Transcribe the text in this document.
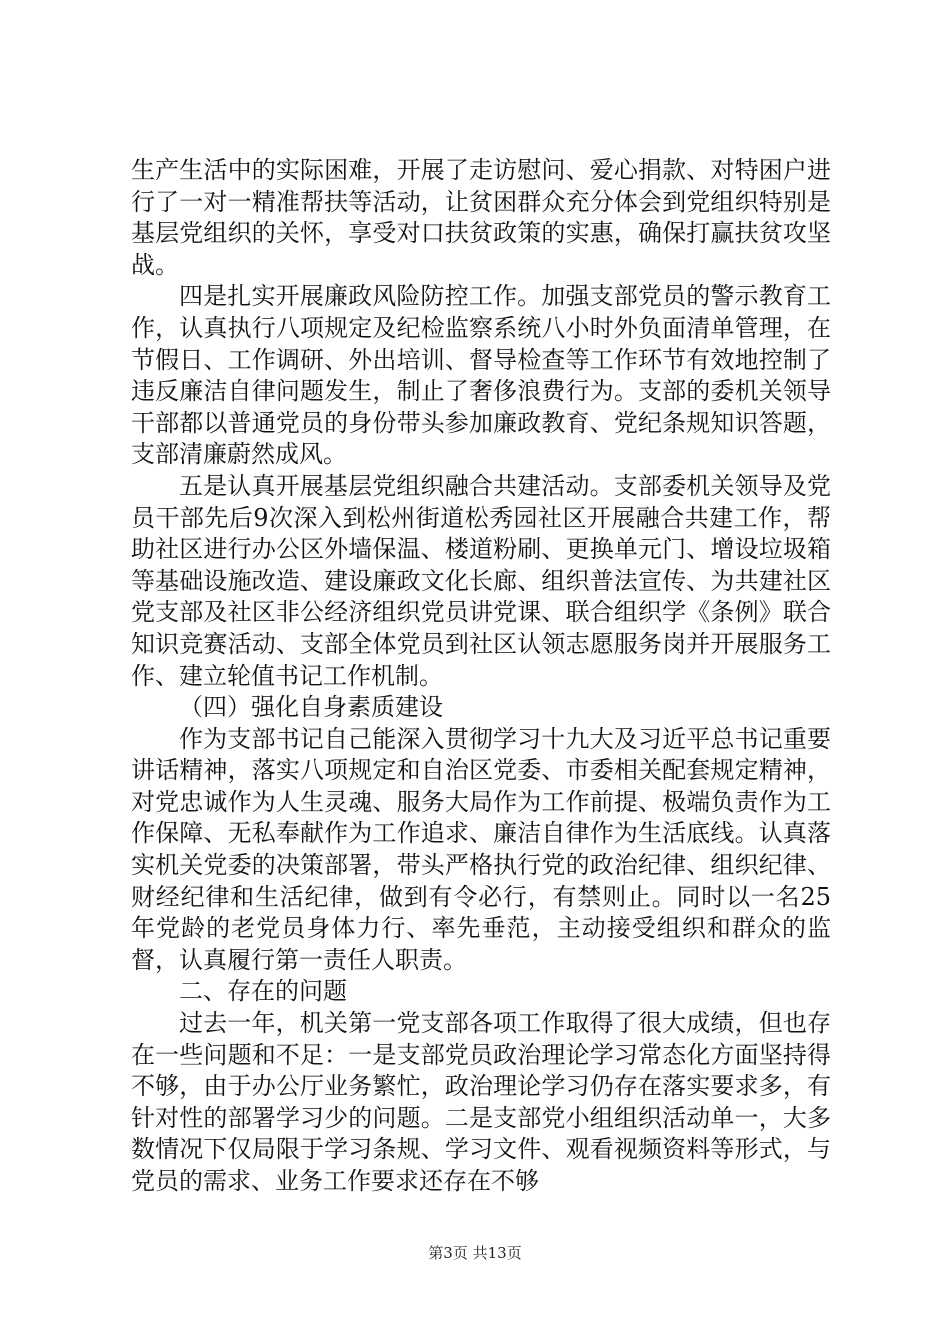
生产生活中的实际困难，开展了走访慰问、爱心捐款、对特困户进行了一对一精准帮扶等活动，让贫困群众充分体会到党组织特别是基层党组织的关怀，享受对口扶贫政策的实惠，确保打赢扶贫攻坚战。

四是扎实开展廉政风险防控工作。加强支部党员的警示教育工作，认真执行八项规定及纪检监察系统八小时外负面清单管理，在节假日、工作调研、外出培训、督导检查等工作环节有效地控制了违反廉洁自律问题发生，制止了奢侈浪费行为。支部的委机关领导干部都以普通党员的身份带头参加廉政教育、党纪条规知识答题，支部清廉蔚然成风。

五是认真开展基层党组织融合共建活动。支部委机关领导及党员干部先后9次深入到松州街道松秀园社区开展融合共建工作，帮助社区进行办公区外墙保温、楼道粉刷、更换单元门、增设垃圾箱等基础设施改造、建设廉政文化长廊、组织普法宣传、为共建社区党支部及社区非公经济组织党员讲党课、联合组织学《条例》联合知识竞赛活动、支部全体党员到社区认领志愿服务岗并开展服务工作、建立轮值书记工作机制。

（四）强化自身素质建设

作为支部书记自己能深入贯彻学习十九大及习近平总书记重要讲话精神，落实八项规定和自治区党委、市委相关配套规定精神，对党忠诚作为人生灵魂、服务大局作为工作前提、极端负责作为工作保障、无私奉献作为工作追求、廉洁自律作为生活底线。认真落实机关党委的决策部署，带头严格执行党的政治纪律、组织纪律、财经纪律和生活纪律，做到有令必行，有禁则止。同时以一名25年党龄的老党员身体力行、率先垂范，主动接受组织和群众的监督，认真履行第一责任人职责。

二、存在的问题

过去一年，机关第一党支部各项工作取得了很大成绩，但也存在一些问题和不足：一是支部党员政治理论学习常态化方面坚持得不够，由于办公厅业务繁忙，政治理论学习仍存在落实要求多，有针对性的部署学习少的问题。二是支部党小组组织活动单一，大多数情况下仅局限于学习条规、学习文件、观看视频资料等形式，与党员的需求、业务工作要求还存在不够

第3页 共13页
